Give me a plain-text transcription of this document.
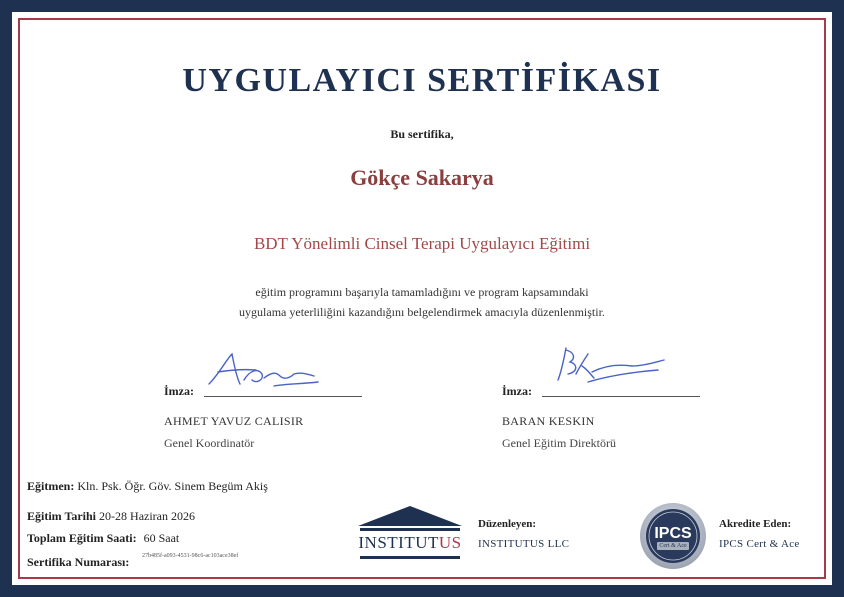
UYGULAYICI SERTİFİKASI
Bu sertifika,
Gökçe Sakarya
BDT Yönelimli Cinsel Terapi Uygulayıcı Eğitimi
eğitim programını başarıyla tamamladığını ve program kapsamındaki
uygulama yeterliliğini kazandığını belgelendirmek amacıyla düzenlenmiştir.
İmza:
AHMET YAVUZ CALISIR
Genel Koordinatör
İmza:
BARAN KESKIN
Genel Eğitim Direktörü
Eğitmen: Kln. Psk. Öğr. Göv. Sinem Begüm Akiş
Eğitim Tarihi 20-28 Haziran 2026
Toplam Eğitim Saati: 60 Saat
Sertifika Numarası: 27b485f-a093-4531-98c6-ac103ace38ef
INSTITUTUS
Düzenleyen:
INSTITUTUS LLC
IPCS
Cert & Ace
Akredite Eden:
IPCS Cert & Ace
